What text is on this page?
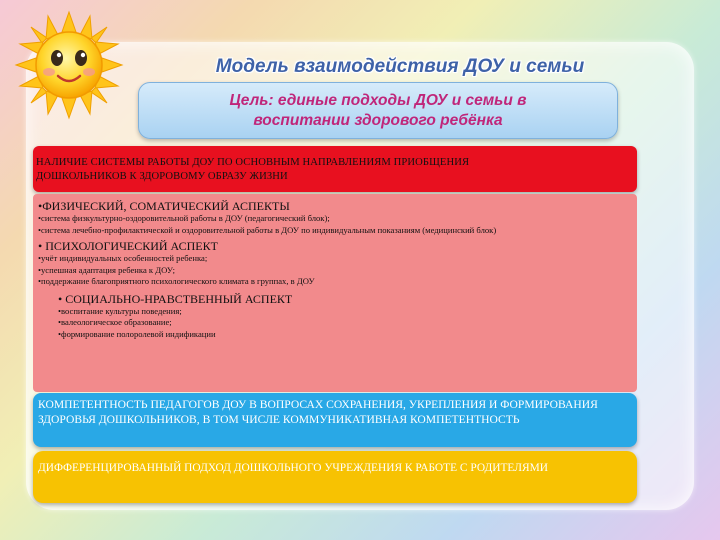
Модель взаимодействия ДОУ и семьи
Цель: единые подходы ДОУ и семьи в воспитании здорового ребёнка
НАЛИЧИЕ СИСТЕМЫ РАБОТЫ ДОУ ПО ОСНОВНЫМ НАПРАВЛЕНИЯМ ПРИОБЩЕНИЯ ДОШКОЛЬНИКОВ К ЗДОРОВОМУ ОБРАЗУ ЖИЗНИ
•ФИЗИЧЕСКИЙ, СОМАТИЧЕСКИЙ АСПЕКТЫ
•система физкультурно-оздоровительной работы в ДОУ (педагогический блок);
•система лечебно-профилактической и оздоровительной работы в ДОУ по индивидуальным показаниям (медицинский блок)
• ПСИХОЛОГИЧЕСКИЙ АСПЕКТ
•учёт индивидуальных особенностей ребенка;
•успешная адаптация ребенка к ДОУ;
•поддержание благоприятного психологического климата в группах, в ДОУ
• СОЦИАЛЬНО-НРАВСТВЕННЫЙ АСПЕКТ
•воспитание культуры поведения;
•валеологическое образование;
•формирование полоролевой индификации
КОМПЕТЕНТНОСТЬ ПЕДАГОГОВ ДОУ В ВОПРОСАХ СОХРАНЕНИЯ, УКРЕПЛЕНИЯ И ФОРМИРОВАНИЯ ЗДОРОВЬЯ ДОШКОЛЬНИКОВ, В ТОМ ЧИСЛЕ КОММУНИКАТИВНАЯ КОМПЕТЕНТНОСТЬ
ДИФФЕРЕНЦИРОВАННЫЙ ПОДХОД ДОШКОЛЬНОГО УЧРЕЖДЕНИЯ К РАБОТЕ С РОДИТЕЛЯМИ
